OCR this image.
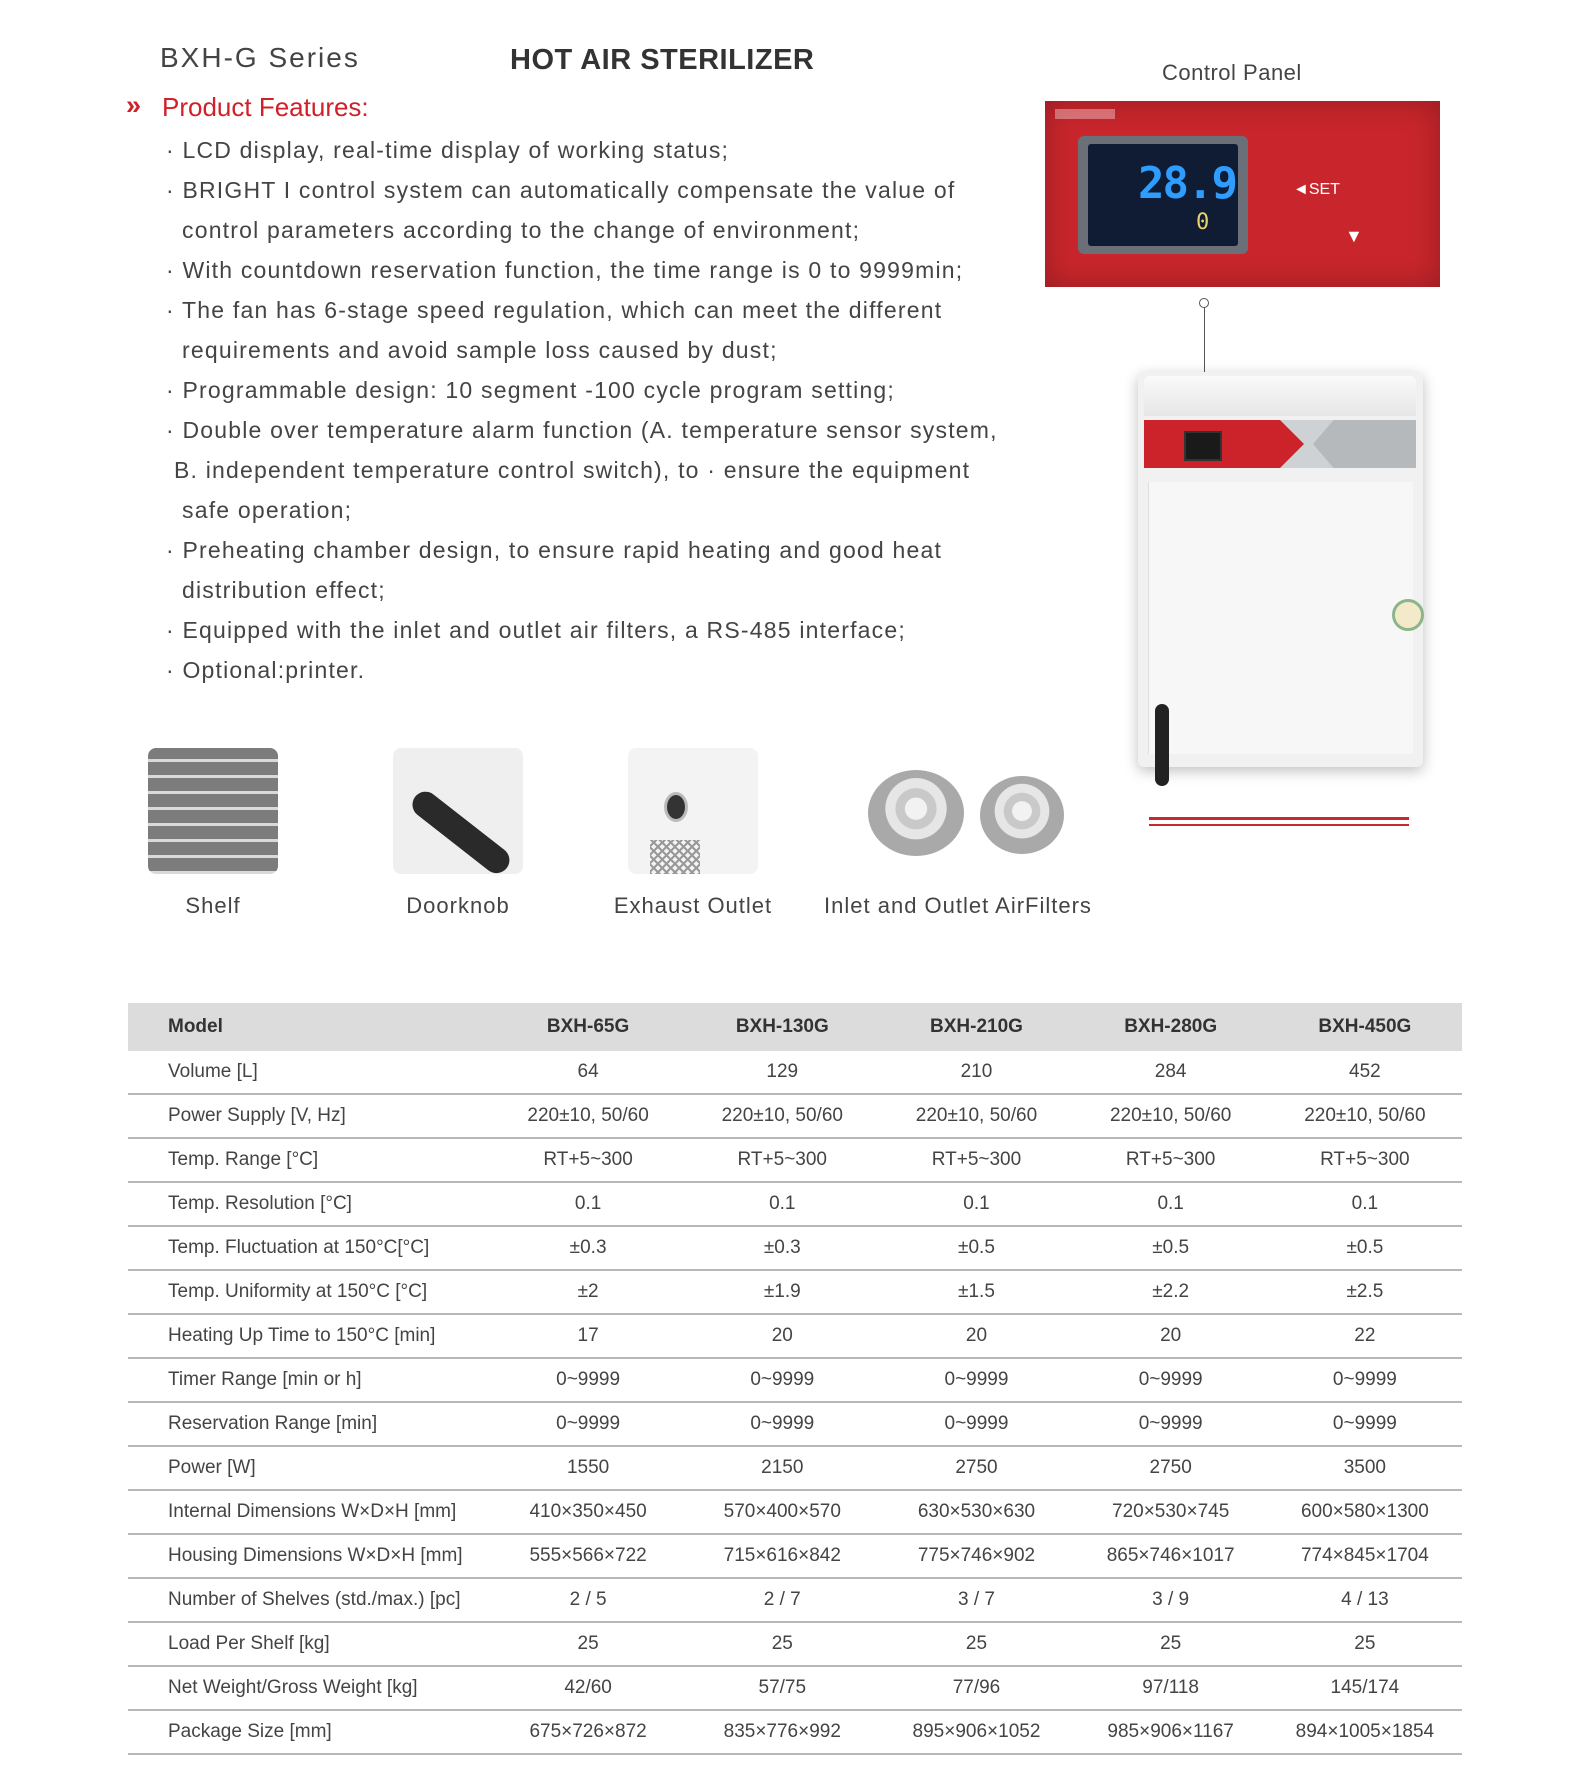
BXH-G Series	HOT AIR STERILIZER
» Product Features:
· LCD display, real-time display of working status;
· BRIGHT I control system can automatically compensate the value of
control parameters according to the change of environment;
· With countdown reservation function, the time range is 0 to 9999min;
· The fan has 6-stage speed regulation, which can meet the different
requirements and avoid sample loss caused by dust;
· Programmable design: 10 segment -100 cycle program setting;
· Double over temperature alarm function (A. temperature sensor system,
B. independent temperature control switch), to · ensure the equipment
safe operation;
· Preheating chamber design, to ensure rapid heating and good heat
distribution effect;
· Equipped with the inlet and outlet air filters, a RS-485 interface;
· Optional:printer.
Control Panel
28.9
0
◄SET
▼
Shelf	Doorknob	Exhaust Outlet	Inlet and Outlet AirFilters
Model	BXH-65G	BXH-130G	BXH-210G	BXH-280G	BXH-450G
Volume [L]	64	129	210	284	452
Power Supply [V, Hz]	220±10, 50/60	220±10, 50/60	220±10, 50/60	220±10, 50/60	220±10, 50/60
Temp. Range [°C]	RT+5~300	RT+5~300	RT+5~300	RT+5~300	RT+5~300
Temp. Resolution [°C]	0.1	0.1	0.1	0.1	0.1
Temp. Fluctuation at 150°C[°C]	±0.3	±0.3	±0.5	±0.5	±0.5
Temp. Uniformity at 150°C [°C]	±2	±1.9	±1.5	±2.2	±2.5
Heating Up Time to 150°C [min]	17	20	20	20	22
Timer Range [min or h]	0~9999	0~9999	0~9999	0~9999	0~9999
Reservation Range [min]	0~9999	0~9999	0~9999	0~9999	0~9999
Power [W]	1550	2150	2750	2750	3500
Internal Dimensions W×D×H [mm]	410×350×450	570×400×570	630×530×630	720×530×745	600×580×1300
Housing Dimensions W×D×H [mm]	555×566×722	715×616×842	775×746×902	865×746×1017	774×845×1704
Number of Shelves (std./max.) [pc]	2 / 5	2 / 7	3 / 7	3 / 9	4 / 13
Load Per Shelf [kg]	25	25	25	25	25
Net Weight/Gross Weight [kg]	42/60	57/75	77/96	97/118	145/174
Package Size [mm]	675×726×872	835×776×992	895×906×1052	985×906×1167	894×1005×1854
